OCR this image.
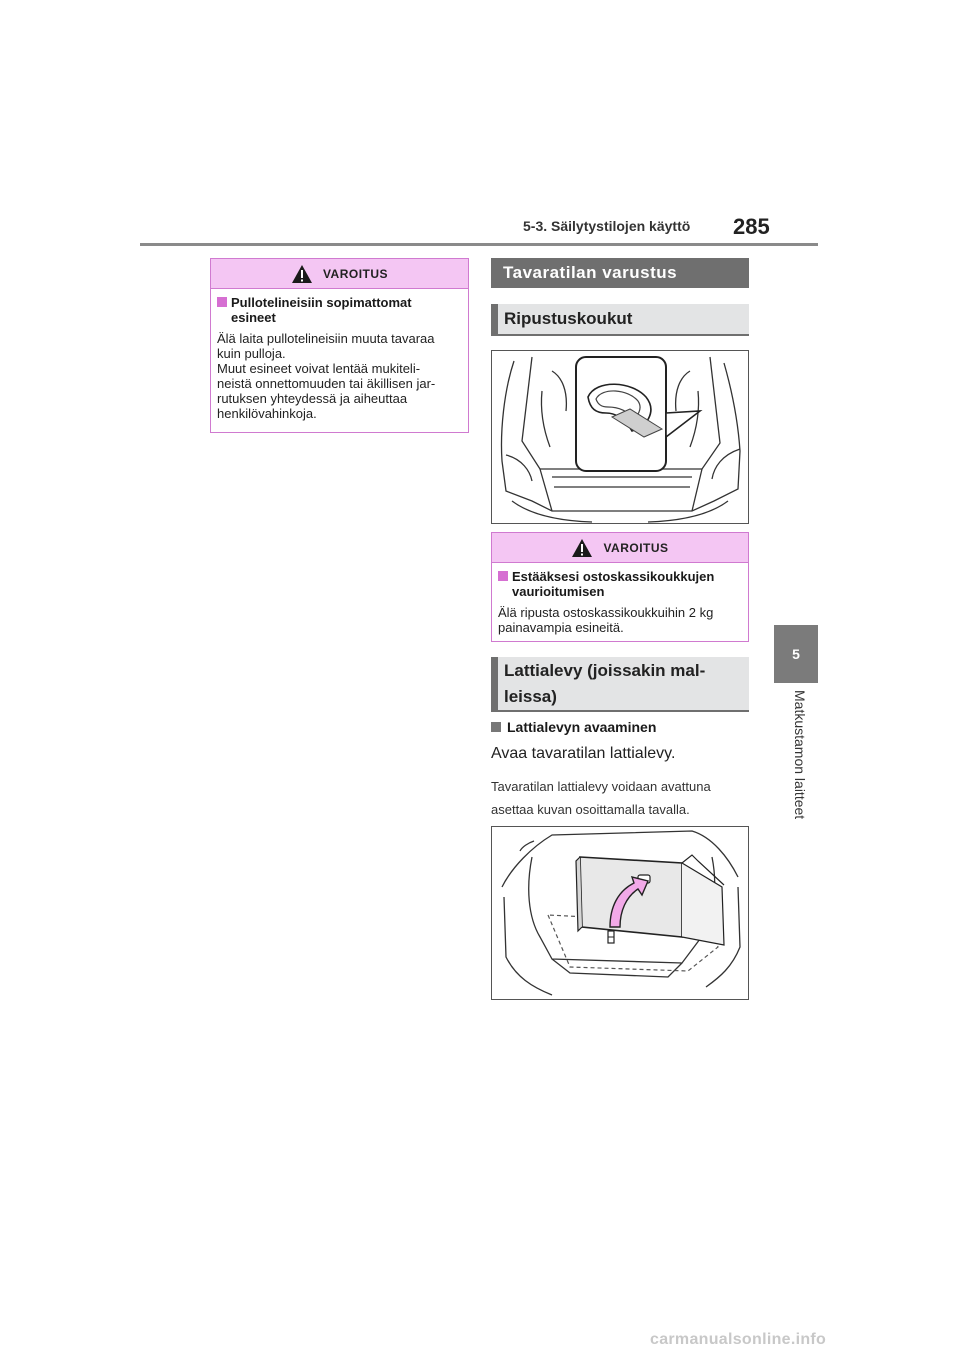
5-3. Säilytystilojen käyttö 285
5
Matkustamon laitteet
VAROITUS
Pullotelineisiin sopimattomat esineet

Älä laita pullotelineisiin muuta tavaraa

kuin pulloja.

Muut esineet voivat lentää mukiteli-

neistä onnettomuuden tai äkillisen jar-

rutuksen yhteydessä ja aiheuttaa

henkilövahinkoja.

Tavaratilan varustus
Ripustuskoukut
VAROITUS
Estääksesi ostoskassikoukkujen
vaurioitumisen

Älä ripusta ostoskassikoukkuihin 2 kg

painavampia esineitä.

Lattialevy (joissakin mal-
leissa)
Lattialevyn avaaminen
Avaa tavaratilan lattialevy.
Tavaratilan lattialevy voidaan avattuna
asettaa kuvan osoittamalla tavalla.
carmanualsonline.info
